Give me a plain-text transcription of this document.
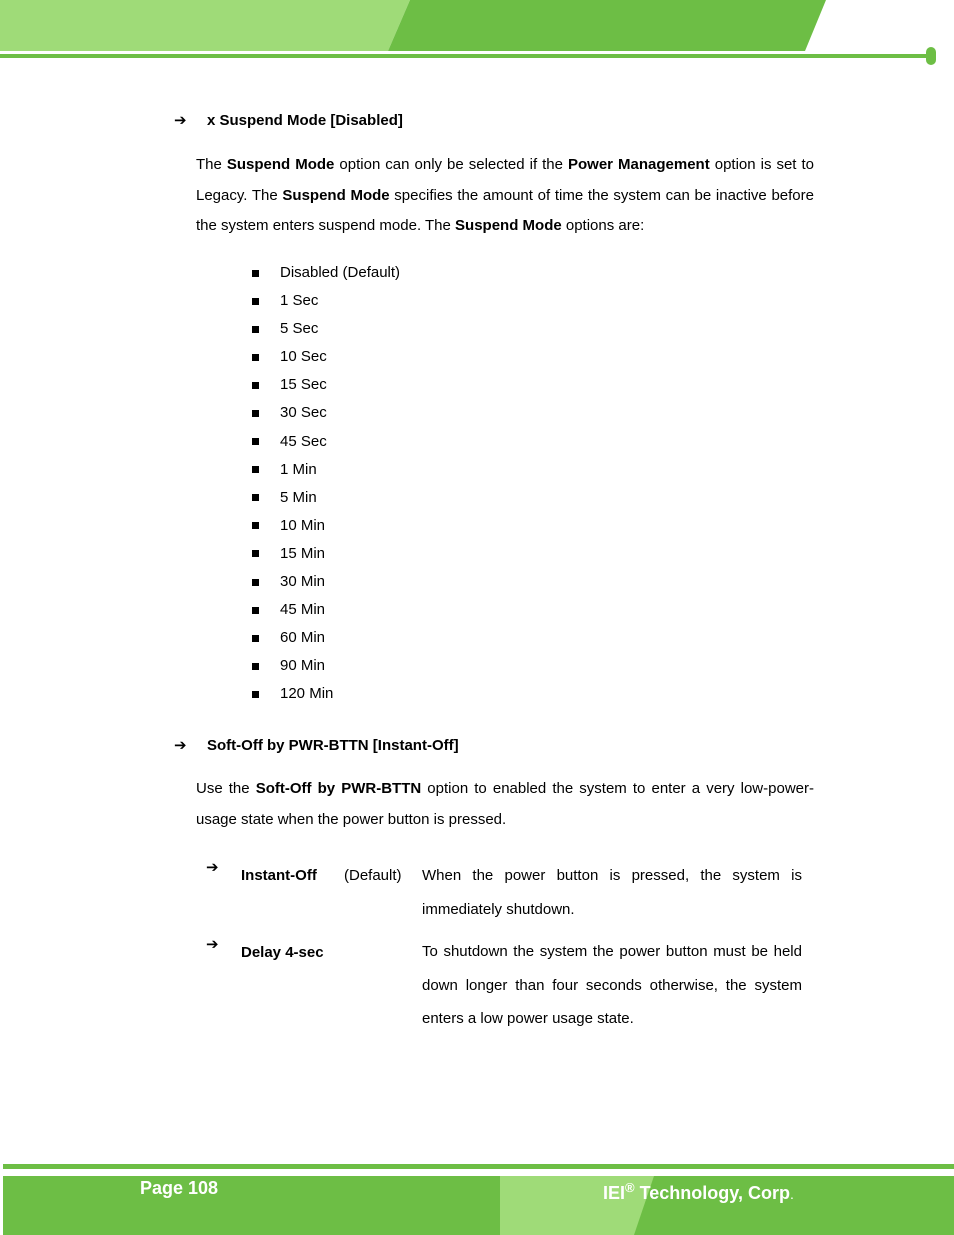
➔ x Suspend Mode [Disabled]
The Suspend Mode option can only be selected if the Power Management option is set to Legacy. The Suspend Mode specifies the amount of time the system can be inactive before the system enters suspend mode. The Suspend Mode options are:
Disabled (Default)
1 Sec
5 Sec
10 Sec
15 Sec
30 Sec
45 Sec
1 Min
5 Min
10 Min
15 Min
30 Min
45 Min
60 Min
90 Min
120 Min
➔ Soft-Off by PWR-BTTN [Instant-Off]
Use the Soft-Off by PWR-BTTN option to enabled the system to enter a very low-power-usage state when the power button is pressed.
➔ Instant-Off (Default) When the power button is pressed, the system is immediately shutdown.
➔ Delay 4-sec	To shutdown the system the power button must be held down longer than four seconds otherwise, the system enters a low power usage state.
Page 108	IEI® Technology, Corp.
